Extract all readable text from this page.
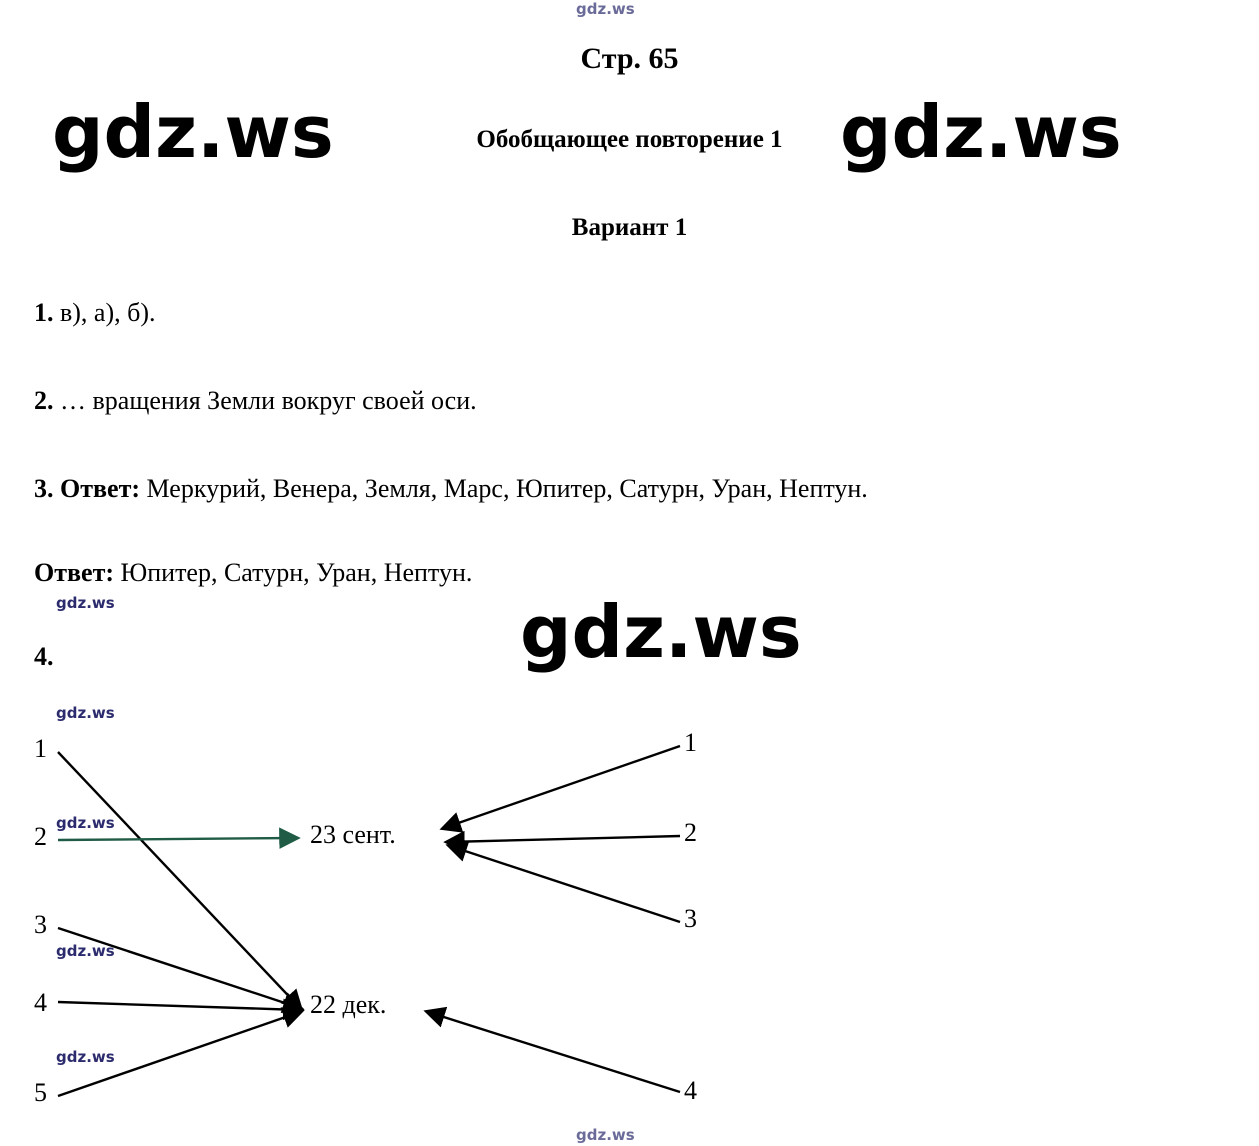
gdz.ws
Стр. 65
Обобщающее повторение 1
Вариант 1
gdz.ws	gdz.ws
1. в), а), б).
2. … вращения Земли вокруг своей оси.
3. Ответ: Меркурий, Венера, Земля, Марс, Юпитер, Сатурн, Уран, Нептун.
Ответ: Юпитер, Сатурн, Уран, Нептун.
4.
gdz.ws
gdz.ws
gdz.ws
gdz.ws
gdz.ws
gdz.ws
1
2
3
4
5
23 сент.
22 дек.
1
2
3
4
gdz.ws
